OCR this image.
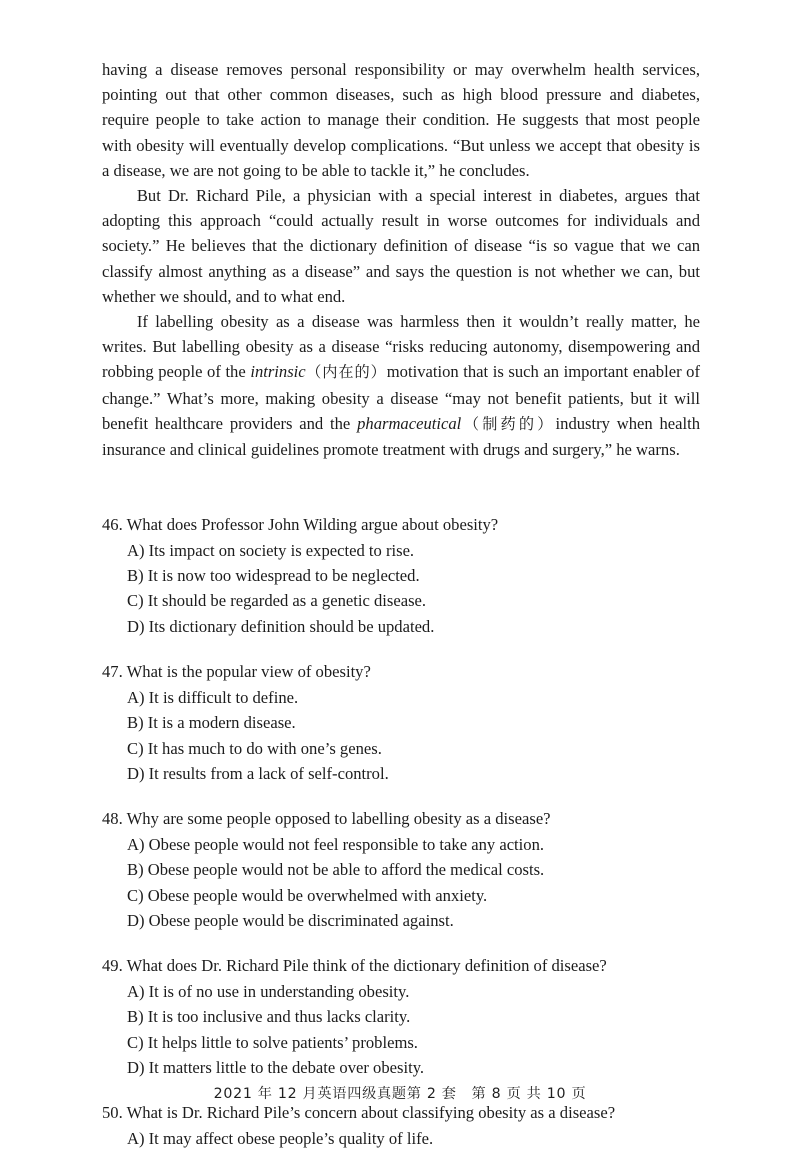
having a disease removes personal responsibility or may overwhelm health services, pointing out that other common diseases, such as high blood pressure and diabetes, require people to take action to manage their condition. He suggests that most people with obesity will eventually develop complications. “But unless we accept that obesity is a disease, we are not going to be able to tackle it,” he concludes.

But Dr. Richard Pile, a physician with a special interest in diabetes, argues that adopting this approach “could actually result in worse outcomes for individuals and society.” He believes that the dictionary definition of disease “is so vague that we can classify almost anything as a disease” and says the question is not whether we can, but whether we should, and to what end.

If labelling obesity as a disease was harmless then it wouldn’t really matter, he writes. But labelling obesity as a disease “risks reducing autonomy, disempowering and robbing people of the intrinsic（内在的）motivation that is such an important enabler of change.” What’s more, making obesity a disease “may not benefit patients, but it will benefit healthcare providers and the pharmaceutical（制药的）industry when health insurance and clinical guidelines promote treatment with drugs and surgery,” he warns.

46. What does Professor John Wilding argue about obesity?
A) Its impact on society is expected to rise.
B) It is now too widespread to be neglected.
C) It should be regarded as a genetic disease.
D) Its dictionary definition should be updated.
47. What is the popular view of obesity?
A) It is difficult to define.
B) It is a modern disease.
C) It has much to do with one’s genes.
D) It results from a lack of self-control.
48. Why are some people opposed to labelling obesity as a disease?
A) Obese people would not feel responsible to take any action.
B) Obese people would not be able to afford the medical costs.
C) Obese people would be overwhelmed with anxiety.
D) Obese people would be discriminated against.
49. What does Dr. Richard Pile think of the dictionary definition of disease?
A) It is of no use in understanding obesity.
B) It is too inclusive and thus lacks clarity.
C) It helps little to solve patients’ problems.
D) It matters little to the debate over obesity.
50. What is Dr. Richard Pile’s concern about classifying obesity as a disease?
A) It may affect obese people’s quality of life.
2021 年 12 月英语四级真题第 2 套　第 8 页 共 10 页
